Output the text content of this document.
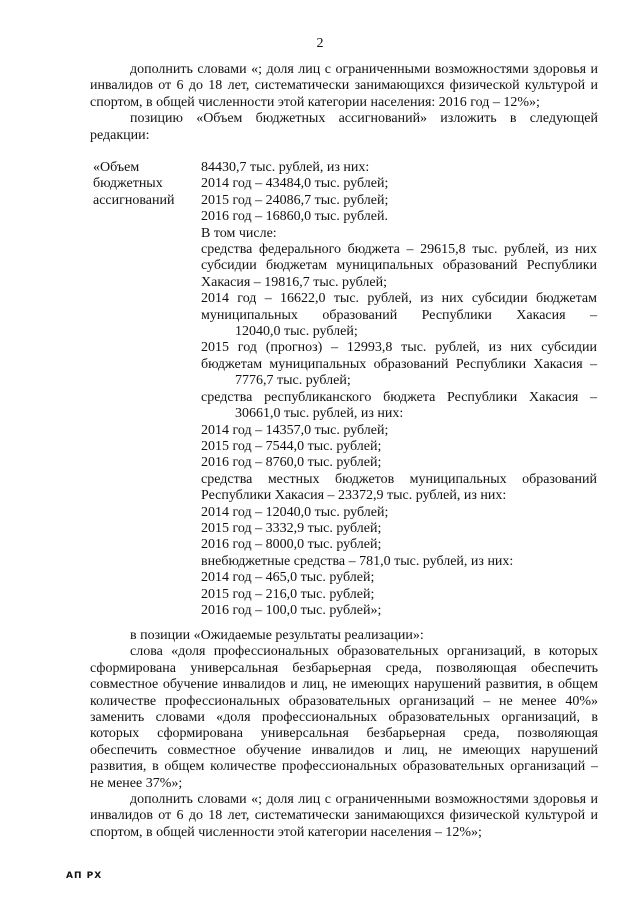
2
дополнить словами «; доля лиц с ограниченными возможностями здоровья и
инвалидов от 6 до 18 лет, систематически занимающихся физической культурой и
спортом, в общей численности этой категории населения: 2016 год – 12%»;
позицию «Объем бюджетных ассигнований» изложить в следующей
редакции:
«Объем
бюджетных
ассигнований
84430,7 тыс. рублей, из них:
2014 год – 43484,0 тыс. рублей;
2015 год – 24086,7 тыс. рублей;
2016 год – 16860,0 тыс. рублей.
В том числе:
средства федерального бюджета – 29615,8 тыс. рублей, из них
субсидии бюджетам муниципальных образований Республики
Хакасия – 19816,7 тыс. рублей;
2014 год – 16622,0 тыс. рублей, из них субсидии бюджетам
муниципальных образований Республики Хакасия –
12040,0 тыс. рублей;
2015 год (прогноз) – 12993,8 тыс. рублей, из них субсидии
бюджетам муниципальных образований Республики Хакасия –
7776,7 тыс. рублей;
средства республиканского бюджета Республики Хакасия –
30661,0 тыс. рублей, из них:
2014 год – 14357,0 тыс. рублей;
2015 год – 7544,0 тыс. рублей;
2016 год – 8760,0 тыс. рублей;
средства местных бюджетов муниципальных образований
Республики Хакасия – 23372,9 тыс. рублей, из них:
2014 год – 12040,0 тыс. рублей;
2015 год – 3332,9 тыс. рублей;
2016 год – 8000,0 тыс. рублей;
внебюджетные средства – 781,0 тыс. рублей, из них:
2014 год – 465,0 тыс. рублей;
2015 год – 216,0 тыс. рублей;
2016 год – 100,0 тыс. рублей»;
в позиции «Ожидаемые результаты реализации»:
слова «доля профессиональных образовательных организаций, в которых
сформирована универсальная безбарьерная среда, позволяющая обеспечить
совместное обучение инвалидов и лиц, не имеющих нарушений развития, в общем
количестве профессиональных образовательных организаций – не менее 40%»
заменить словами «доля профессиональных образовательных организаций, в
которых сформирована универсальная безбарьерная среда, позволяющая
обеспечить совместное обучение инвалидов и лиц, не имеющих нарушений
развития, в общем количестве профессиональных образовательных организаций –
не менее 37%»;
дополнить словами «; доля лиц с ограниченными возможностями здоровья и
инвалидов от 6 до 18 лет, систематически занимающихся физической культурой и
спортом, в общей численности этой категории населения – 12%»;
АП РХ
